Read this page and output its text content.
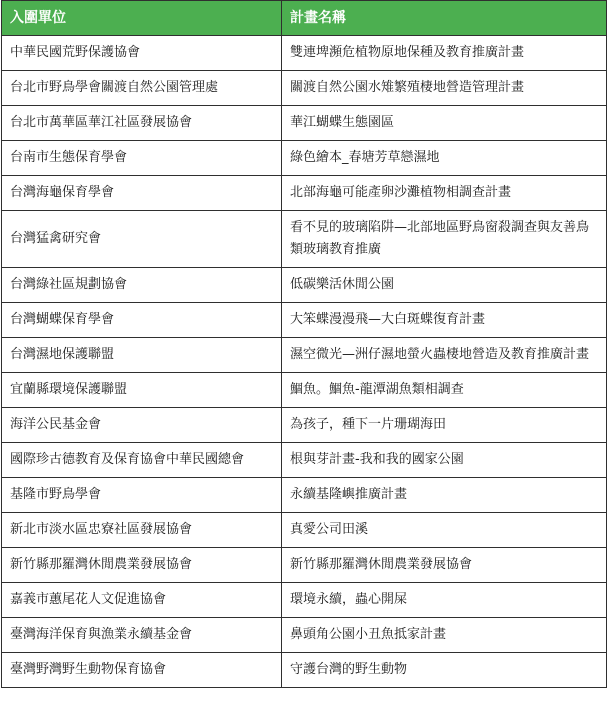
入圍單位	計畫名稱
中華民國荒野保護協會	雙連埤瀕危植物原地保種及教育推廣計畫
台北市野鳥學會關渡自然公園管理處	關渡自然公園水雉繁殖棲地營造管理計畫
台北市萬華區華江社區發展協會	華江蝴蝶生態園區
台南市生態保育學會	綠色繪本_春塘芳草戀濕地
台灣海龜保育學會	北部海龜可能產卵沙灘植物相調查計畫
台灣猛禽研究會	看不見的玻璃陷阱—北部地區野鳥窗殺調查與友善鳥類玻璃教育推廣
台灣綠社區規劃協會	低碳樂活休閒公園
台灣蝴蝶保育學會	大笨蝶漫漫飛—大白斑蝶復育計畫
台灣濕地保護聯盟	濕空微光—洲仔濕地螢火蟲棲地營造及教育推廣計畫
宜蘭縣環境保護聯盟	鯝魚。鯝魚-龍潭湖魚類相調查
海洋公民基金會	為孩子，種下一片珊瑚海田
國際珍古德教育及保育協會中華民國總會	根與芽計畫-我和我的國家公園
基隆市野鳥學會	永續基隆嶼推廣計畫
新北市淡水區忠寮社區發展協會	真愛公司田溪
新竹縣那羅灣休閒農業發展協會	新竹縣那羅灣休閒農業發展協會
嘉義市蕙尾花人文促進協會	環境永續，蟲心開屎
臺灣海洋保育與漁業永續基金會	鼻頭角公園小丑魚抵家計畫
臺灣野灣野生動物保育協會	守護台灣的野生動物
